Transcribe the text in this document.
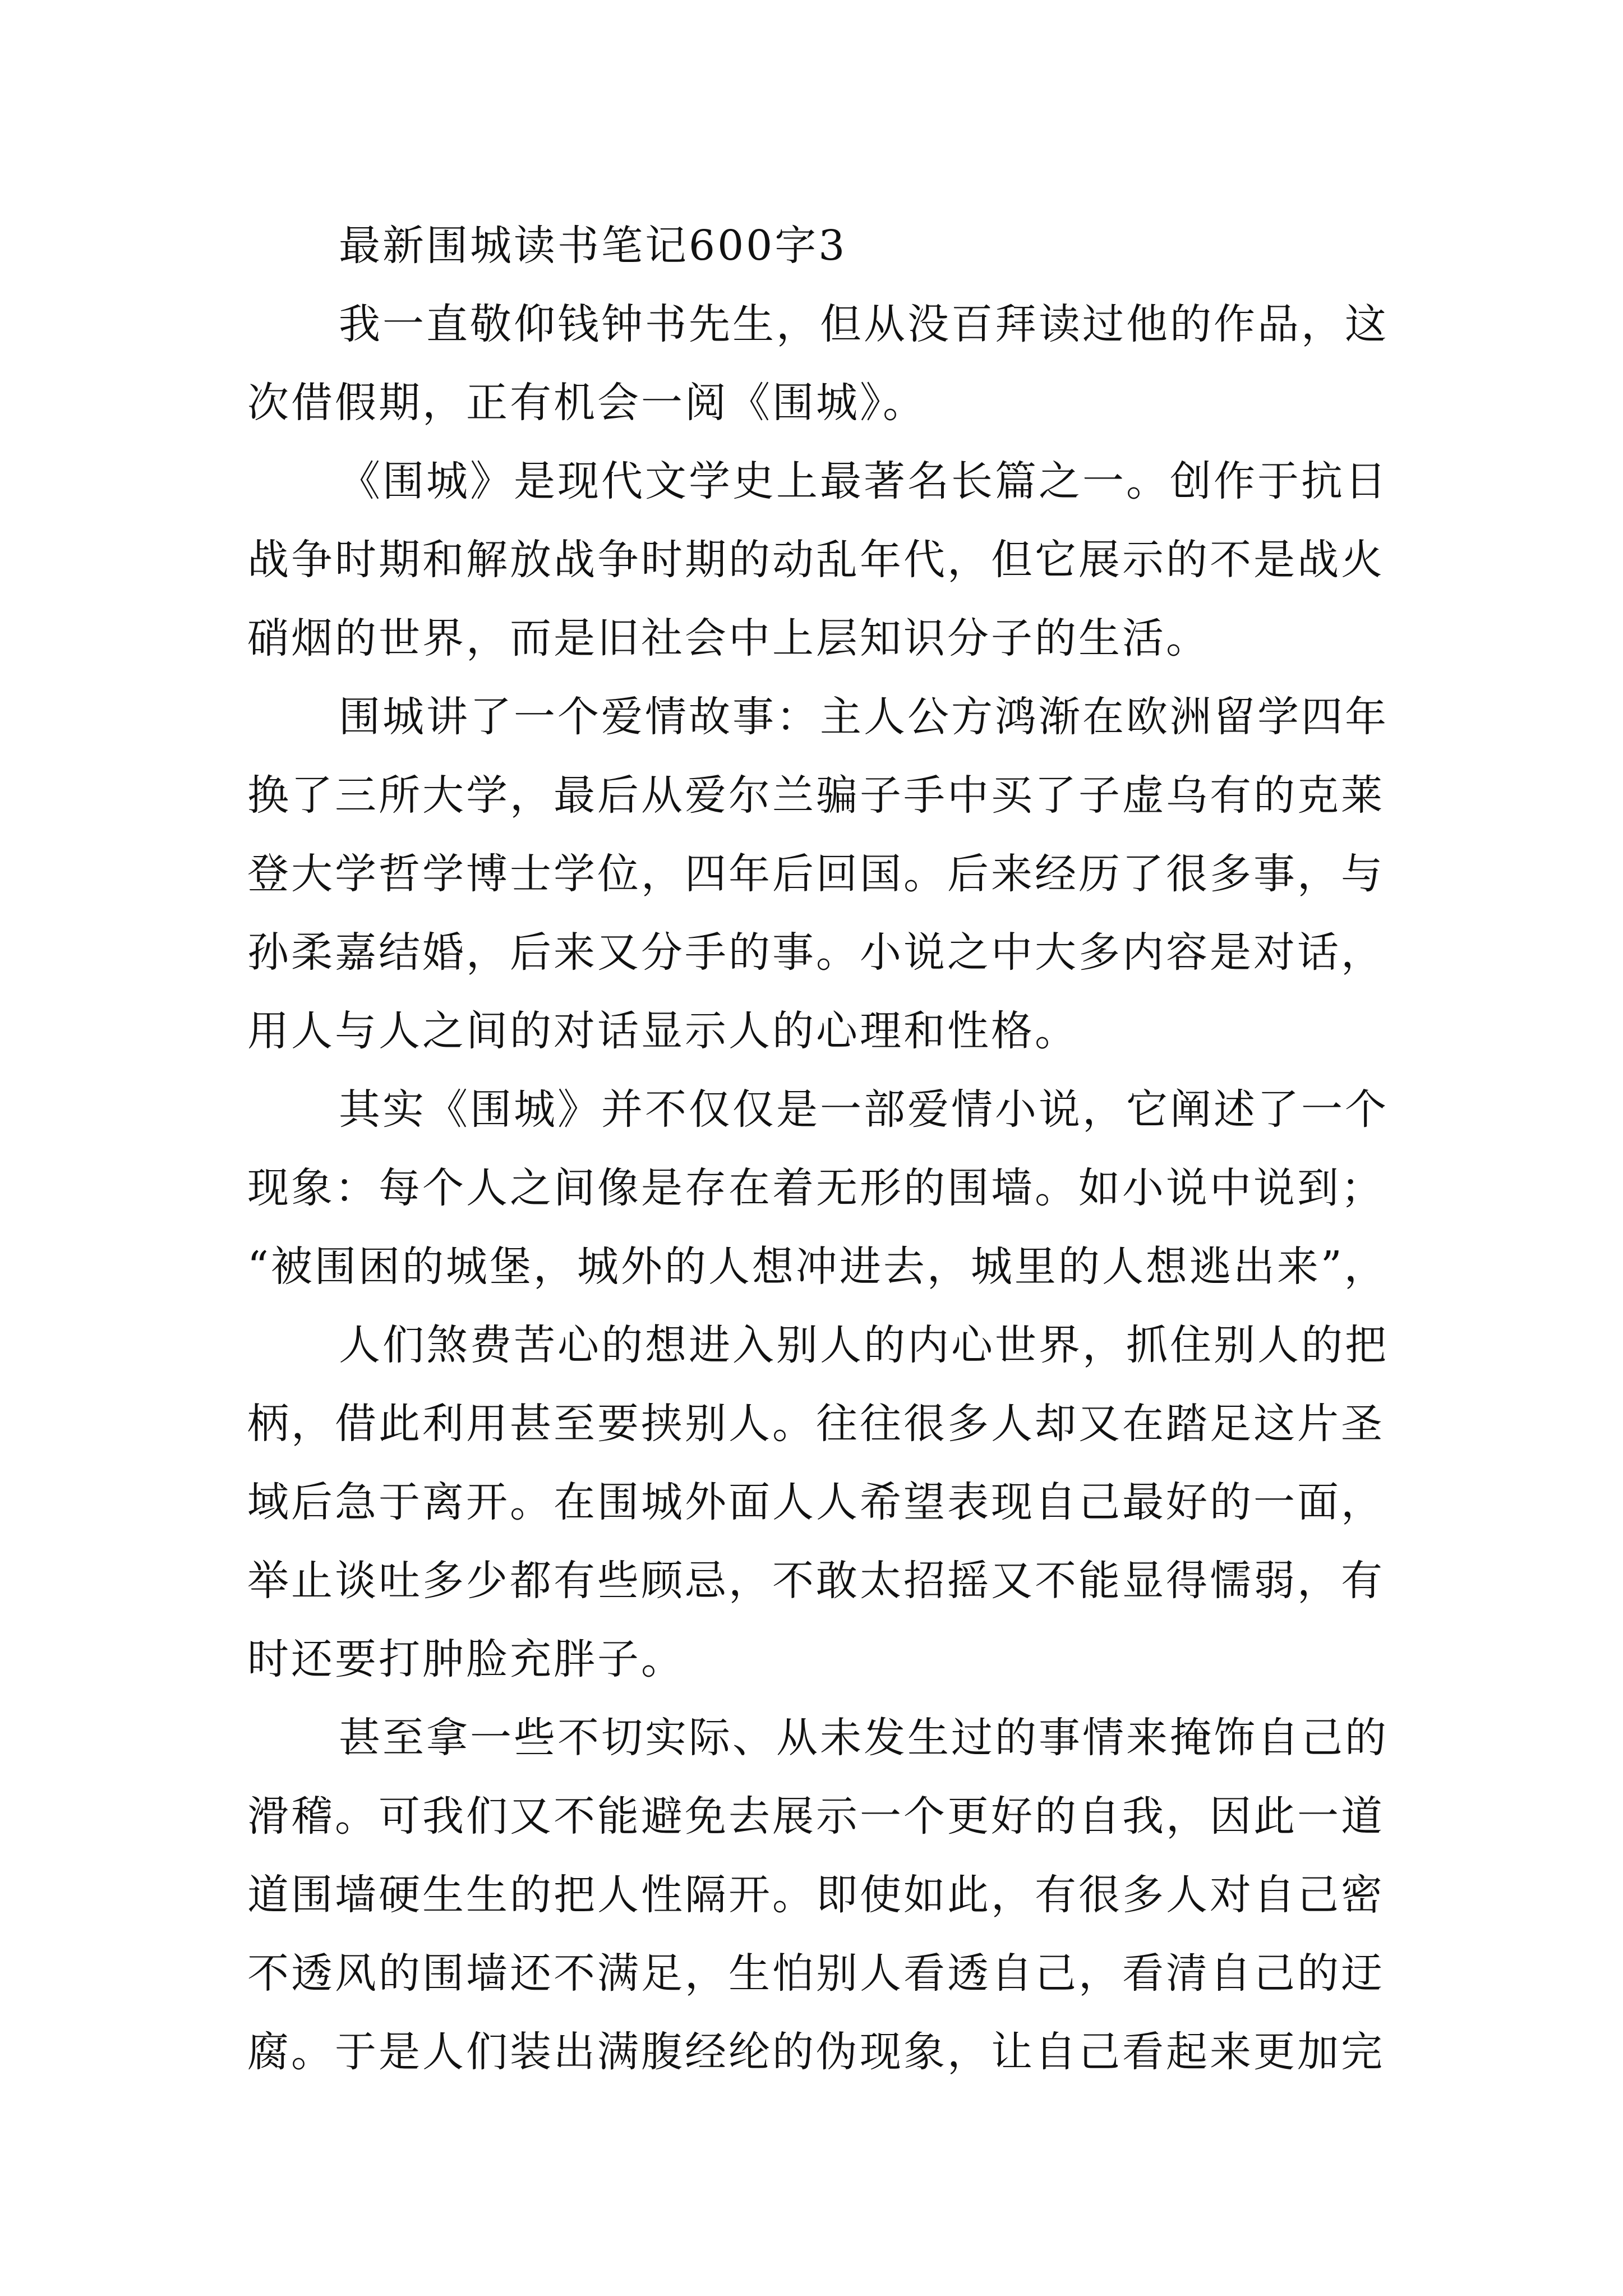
最新围城读书笔记600字3
我一直敬仰钱钟书先生，但从没百拜读过他的作品，这
次借假期，正有机会一阅《围城》。
《围城》是现代文学史上最著名长篇之一。创作于抗日
战争时期和解放战争时期的动乱年代，但它展示的不是战火
硝烟的世界，而是旧社会中上层知识分子的生活。
围城讲了一个爱情故事：主人公方鸿渐在欧洲留学四年
换了三所大学，最后从爱尔兰骗子手中买了子虚乌有的克莱
登大学哲学博士学位，四年后回国。后来经历了很多事，与
孙柔嘉结婚，后来又分手的事。小说之中大多内容是对话，
用人与人之间的对话显示人的心理和性格。
其实《围城》并不仅仅是一部爱情小说，它阐述了一个
现象：每个人之间像是存在着无形的围墙。如小说中说到；
“被围困的城堡，城外的人想冲进去，城里的人想逃出来”，
人们煞费苦心的想进入别人的内心世界，抓住别人的把
柄，借此利用甚至要挟别人。往往很多人却又在踏足这片圣
域后急于离开。在围城外面人人希望表现自己最好的一面，
举止谈吐多少都有些顾忌，不敢太招摇又不能显得懦弱，有
时还要打肿脸充胖子。
甚至拿一些不切实际、从未发生过的事情来掩饰自己的
滑稽。可我们又不能避免去展示一个更好的自我，因此一道
道围墙硬生生的把人性隔开。即使如此，有很多人对自己密
不透风的围墙还不满足，生怕别人看透自己，看清自己的迂
腐。于是人们装出满腹经纶的伪现象，让自己看起来更加完
